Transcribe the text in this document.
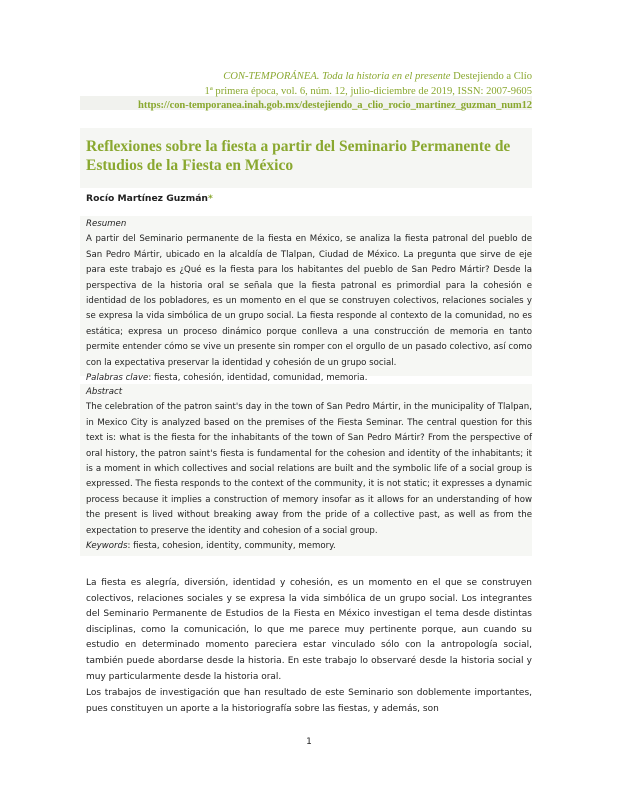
CON-TEMPORÁNEA. Toda la historia en el presente Destejiendo a Clío
1ª primera época, vol. 6, núm. 12, julio-diciembre de 2019, ISSN: 2007-9605
https://con-temporanea.inah.gob.mx/destejiendo_a_clio_rocio_martinez_guzman_num12
Reflexiones sobre la fiesta a partir del Seminario Permanente de Estudios de la Fiesta en México
Rocío Martínez Guzmán*
Resumen
A partir del Seminario permanente de la fiesta en México, se analiza la fiesta patronal del pueblo de San Pedro Mártir, ubicado en la alcaldía de Tlalpan, Ciudad de México. La pregunta que sirve de eje para este trabajo es ¿Qué es la fiesta para los habitantes del pueblo de San Pedro Mártir? Desde la perspectiva de la historia oral se señala que la fiesta patronal es primordial para la cohesión e identidad de los pobladores, es un momento en el que se construyen colectivos, relaciones sociales y se expresa la vida simbólica de un grupo social. La fiesta responde al contexto de la comunidad, no es estática; expresa un proceso dinámico porque conlleva a una construcción de memoria en tanto permite entender cómo se vive un presente sin romper con el orgullo de un pasado colectivo, así como con la expectativa preservar la identidad y cohesión de un grupo social.
Palabras clave: fiesta, cohesión, identidad, comunidad, memoria.
Abstract
The celebration of the patron saint's day in the town of San Pedro Mártir, in the municipality of Tlalpan, in Mexico City is analyzed based on the premises of the Fiesta Seminar. The central question for this text is: what is the fiesta for the inhabitants of the town of San Pedro Mártir? From the perspective of oral history, the patron saint's fiesta is fundamental for the cohesion and identity of the inhabitants; it is a moment in which collectives and social relations are built and the symbolic life of a social group is expressed. The fiesta responds to the context of the community, it is not static; it expresses a dynamic process because it implies a construction of memory insofar as it allows for an understanding of how the present is lived without breaking away from the pride of a collective past, as well as from the expectation to preserve the identity and cohesion of a social group.
Keywords: fiesta, cohesion, identity, community, memory.
La fiesta es alegría, diversión, identidad y cohesión, es un momento en el que se construyen colectivos, relaciones sociales y se expresa la vida simbólica de un grupo social. Los integrantes del Seminario Permanente de Estudios de la Fiesta en México investigan el tema desde distintas disciplinas, como la comunicación, lo que me parece muy pertinente porque, aun cuando su estudio en determinado momento pareciera estar vinculado sólo con la antropología social, también puede abordarse desde la historia. En este trabajo lo observaré desde la historia social y muy particularmente desde la historia oral.
Los trabajos de investigación que han resultado de este Seminario son doblemente importantes, pues constituyen un aporte a la historiografía sobre las fiestas, y además, son
1
